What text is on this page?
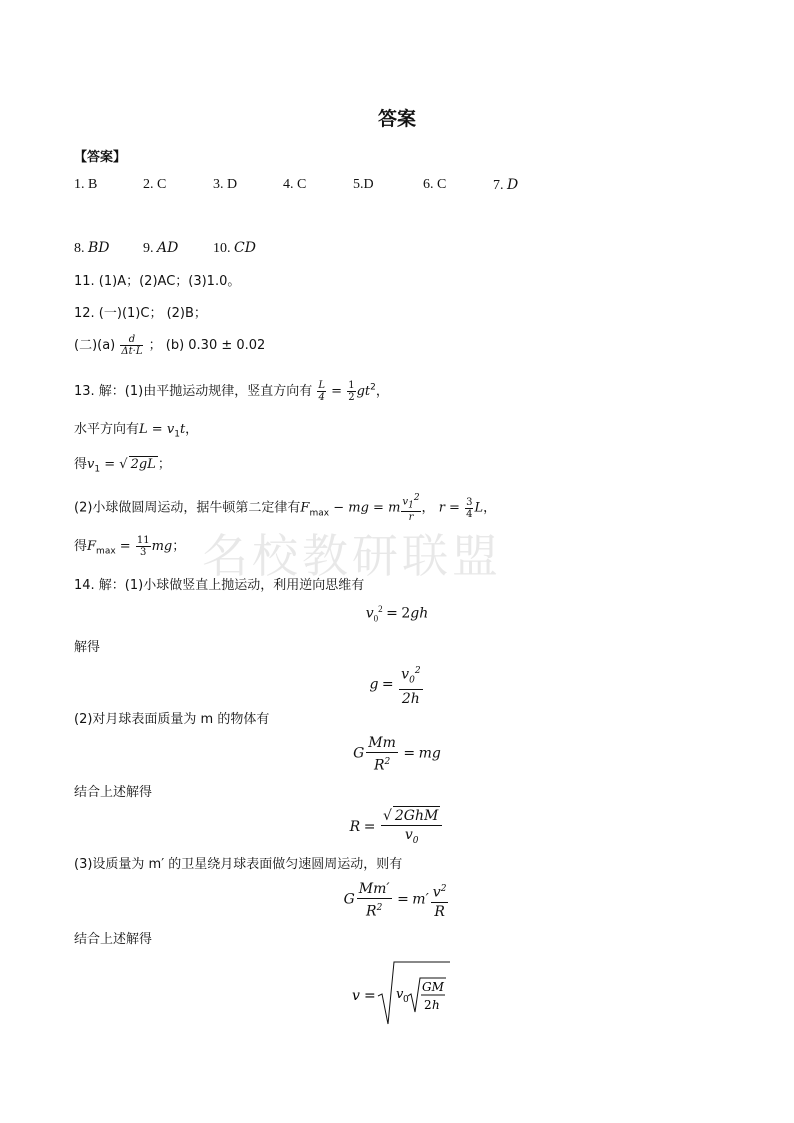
名校教研联盟
答案
【答案】
1. B	2. C	3. D	4. C	5.D	6. C	7. D
8. BD 9. AD 10. CD
11. (1)A；(2)AC；(3)1.0。
12. (一)(1)C； (2)B；
(二)$(a) \frac{d}{\Delta t\cdot L}$ ； (b) 0.30 ± 0.02
13. 解：(1)由平抛运动规律，竖直方向有 $\frac{L}{4} = \frac{1}{2} gt^2$，
水平方向有$L = v_1t$，
得$v_1$ = √ 2gL ；
(2)小球做圆周运动，据牛顿第二定律有$F_{max}$ − mg = m $\frac{v_1^2}{r}$ ， $r = \frac{3}{4}$ L，
得$F_{max} = \frac{11}{3}$ mg；
14. 解：(1)小球做竖直上抛运动，利用逆向思维有
$v_0^2 = 2gh$
解得
$g = \frac{v_0^2}{2h}$
(2)对月球表面质量为 m 的物体有
G $\frac{Mm}{R^2}$ = mg
结合上述解得
$R = \frac{\text{√ 2GhM}}{v_0}$
(3)设质量为 m′ 的卫星绕月球表面做匀速圆周运动，则有
G $\frac{Mm'}{R^2} = m' \frac{v^2}{R}$
结合上述解得
v = v 0
GM
2 h
